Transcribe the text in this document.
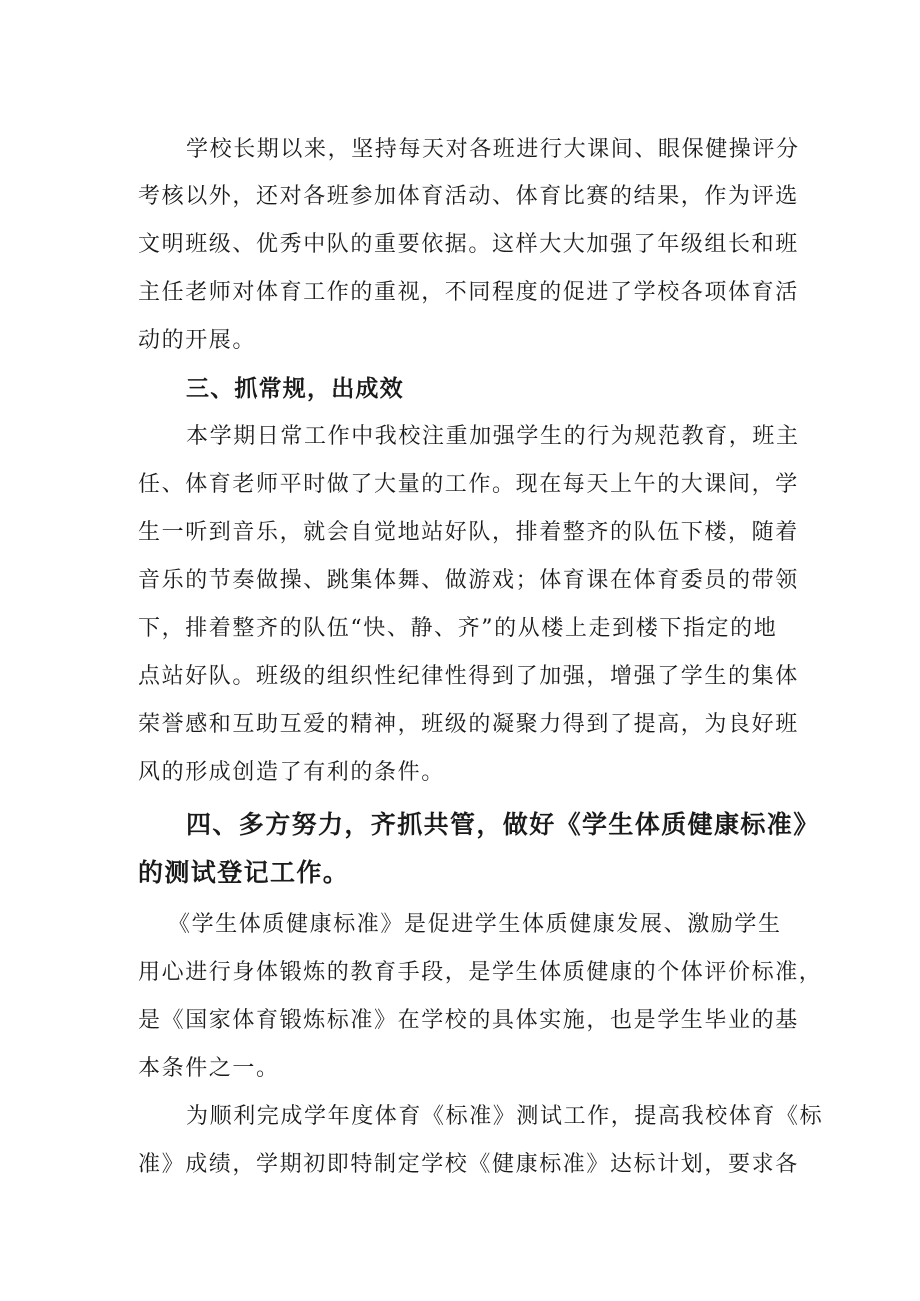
学校长期以来，坚持每天对各班进行大课间、眼保健操评分
考核以外，还对各班参加体育活动、体育比赛的结果，作为评选
文明班级、优秀中队的重要依据。这样大大加强了年级组长和班
主任老师对体育工作的重视，不同程度的促进了学校各项体育活
动的开展。
三、抓常规，出成效
本学期日常工作中我校注重加强学生的行为规范教育，班主
任、体育老师平时做了大量的工作。现在每天上午的大课间，学
生一听到音乐，就会自觉地站好队，排着整齐的队伍下楼，随着
音乐的节奏做操、跳集体舞、做游戏；体育课在体育委员的带领
下，排着整齐的队伍“快、静、齐”的从楼上走到楼下指定的地
点站好队。班级的组织性纪律性得到了加强，增强了学生的集体
荣誉感和互助互爱的精神，班级的凝聚力得到了提高，为良好班
风的形成创造了有利的条件。
四、多方努力，齐抓共管，做好《学生体质健康标准》
的测试登记工作。
《学生体质健康标准》是促进学生体质健康发展、激励学生
用心进行身体锻炼的教育手段，是学生体质健康的个体评价标准，
是《国家体育锻炼标准》在学校的具体实施，也是学生毕业的基
本条件之一。
为顺利完成学年度体育《标准》测试工作，提高我校体育《标
准》成绩，学期初即特制定学校《健康标准》达标计划，要求各
